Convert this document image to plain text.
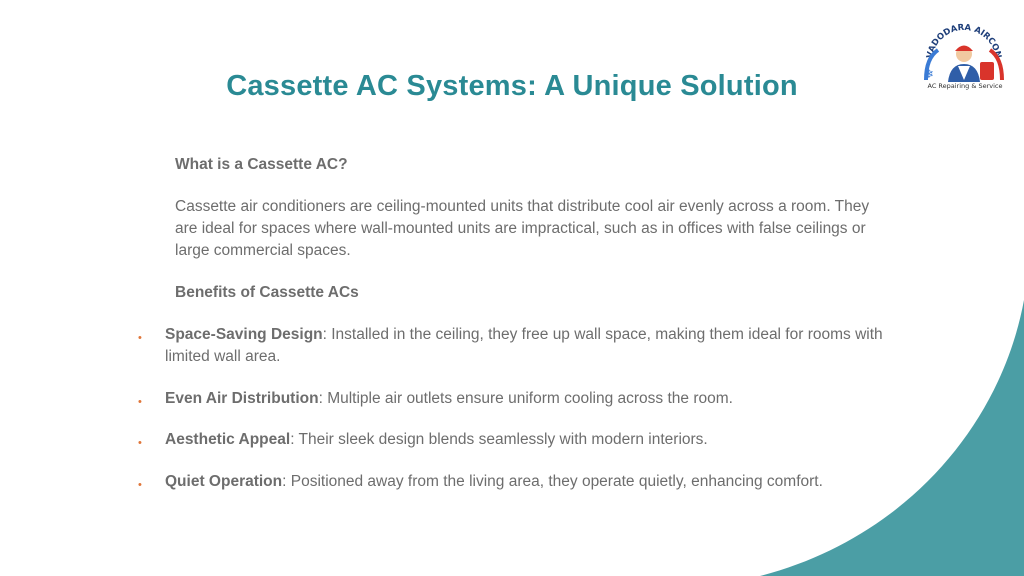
VADODARA AIRCON
❄
AC Repairing & Service
Cassette AC Systems: A Unique Solution
What is a Cassette AC?

Cassette air conditioners are ceiling-mounted units that distribute cool air evenly across a room. They are ideal for spaces where wall-mounted units are impractical, such as in offices with false ceilings or large commercial spaces.

Benefits of Cassette ACs
• Space-Saving Design: Installed in the ceiling, they free up wall space, making them ideal for rooms with limited wall area.
• Even Air Distribution: Multiple air outlets ensure uniform cooling across the room.
• Aesthetic Appeal: Their sleek design blends seamlessly with modern interiors.
• Quiet Operation: Positioned away from the living area, they operate quietly, enhancing comfort.
